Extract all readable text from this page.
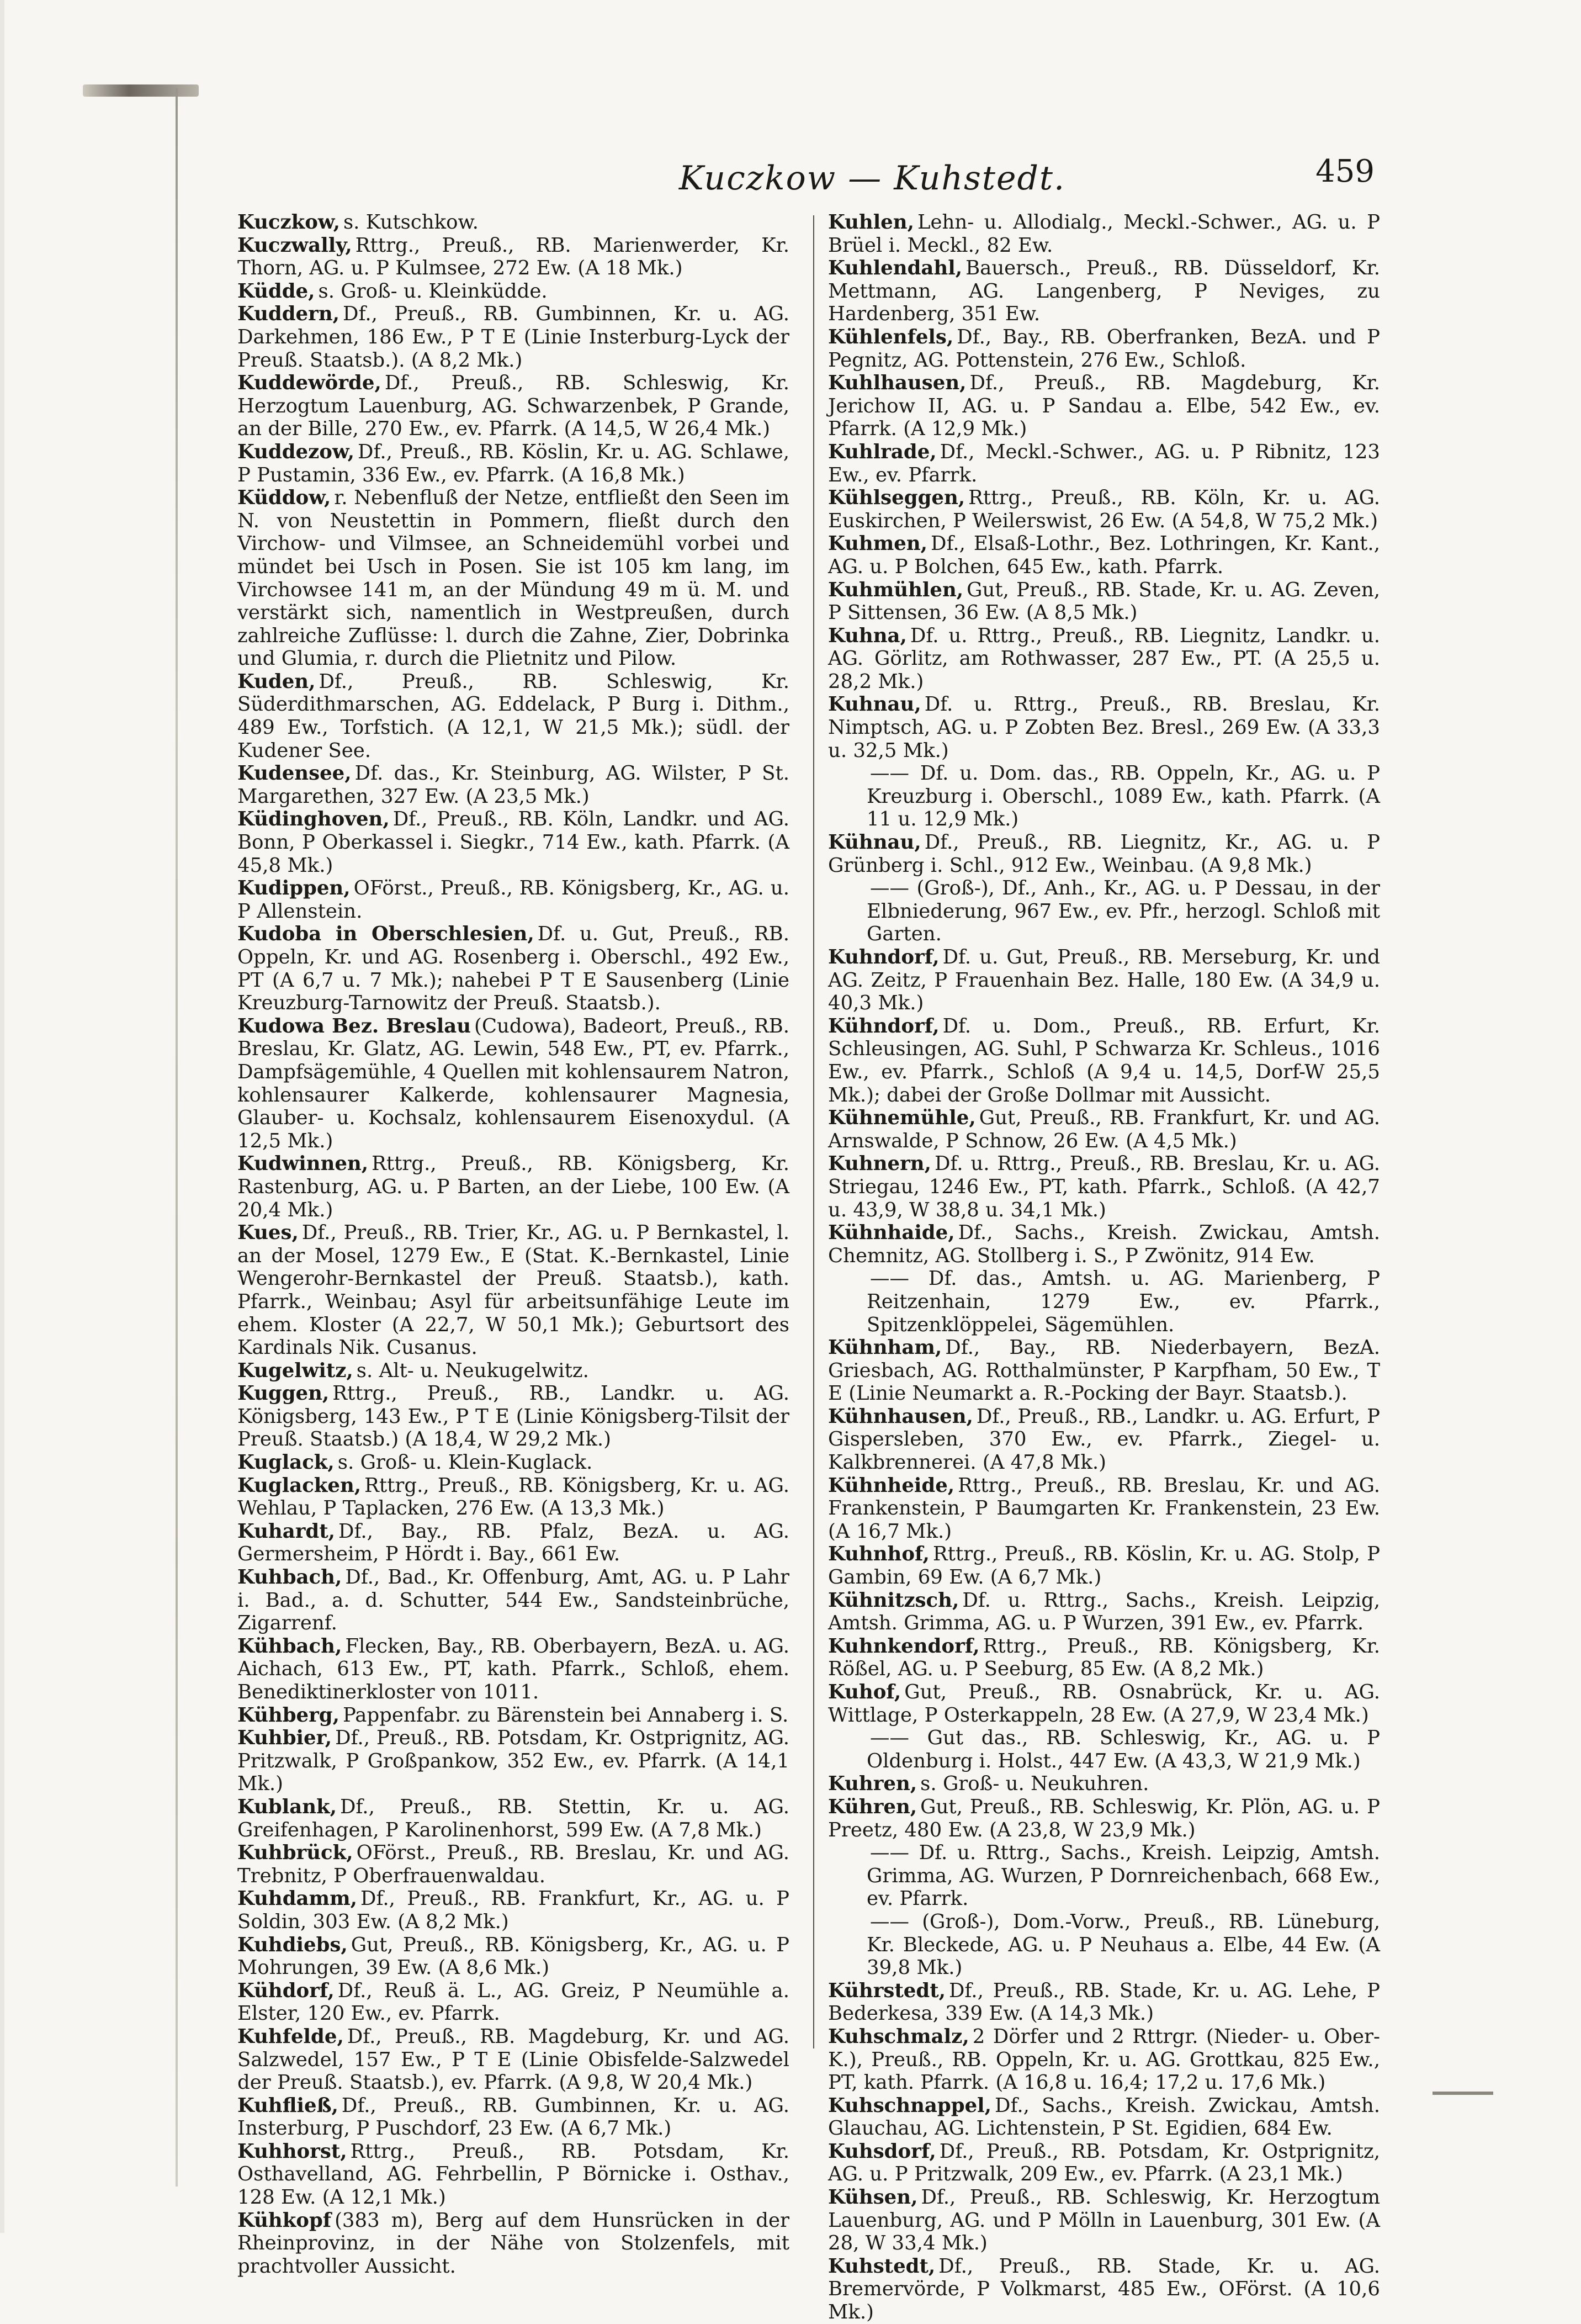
Kuczkow — Kuhstedt.	459

Kuczkow, s. Kutschkow.

Kuczwally, Rttrg., Preuß., RB. Marienwerder, Kr. Thorn, AG. u. P Kulmsee, 272 Ew. (A 18 Mk.)

Küdde, s. Groß- u. Kleinküdde.

Kuddern, Df., Preuß., RB. Gumbinnen, Kr. u. AG. Darkehmen, 186 Ew., P T E (Linie Insterburg-Lyck der Preuß. Staatsb.). (A 8,2 Mk.)

Kuddewörde, Df., Preuß., RB. Schleswig, Kr. Herzogtum Lauenburg, AG. Schwarzenbek, P Grande, an der Bille, 270 Ew., ev. Pfarrk. (A 14,5, W 26,4 Mk.)

Kuddezow, Df., Preuß., RB. Köslin, Kr. u. AG. Schlawe, P Pustamin, 336 Ew., ev. Pfarrk. (A 16,8 Mk.)

Küddow, r. Nebenfluß der Netze, entfließt den Seen im N. von Neustettin in Pommern, fließt durch den Virchow- und Vilmsee, an Schneidemühl vorbei und mündet bei Usch in Posen. Sie ist 105 km lang, im Virchowsee 141 m, an der Mündung 49 m ü. M. und verstärkt sich, namentlich in Westpreußen, durch zahlreiche Zuflüsse: l. durch die Zahne, Zier, Dobrinka und Glumia, r. durch die Plietnitz und Pilow.

Kuden, Df., Preuß., RB. Schleswig, Kr. Süderdithmarschen, AG. Eddelack, P Burg i. Dithm., 489 Ew., Torfstich. (A 12,1, W 21,5 Mk.); südl. der Kudener See.

Kudensee, Df. das., Kr. Steinburg, AG. Wilster, P St. Margarethen, 327 Ew. (A 23,5 Mk.)

Küdinghoven, Df., Preuß., RB. Köln, Landkr. und AG. Bonn, P Oberkassel i. Siegkr., 714 Ew., kath. Pfarrk. (A 45,8 Mk.)

Kudippen, OFörst., Preuß., RB. Königsberg, Kr., AG. u. P Allenstein.

Kudoba in Oberschlesien, Df. u. Gut, Preuß., RB. Oppeln, Kr. und AG. Rosenberg i. Oberschl., 492 Ew., PT (A 6,7 u. 7 Mk.); nahebei P T E Sausenberg (Linie Kreuzburg-Tarnowitz der Preuß. Staatsb.).

Kudowa Bez. Breslau (Cudowa), Badeort, Preuß., RB. Breslau, Kr. Glatz, AG. Lewin, 548 Ew., PT, ev. Pfarrk., Dampfsägemühle, 4 Quellen mit kohlensaurem Natron, kohlensaurer Kalkerde, kohlensaurer Magnesia, Glauber- u. Kochsalz, kohlensaurem Eisenoxydul. (A 12,5 Mk.)

Kudwinnen, Rttrg., Preuß., RB. Königsberg, Kr. Rastenburg, AG. u. P Barten, an der Liebe, 100 Ew. (A 20,4 Mk.)

Kues, Df., Preuß., RB. Trier, Kr., AG. u. P Bernkastel, l. an der Mosel, 1279 Ew., E (Stat. K.-Bernkastel, Linie Wengerohr-Bernkastel der Preuß. Staatsb.), kath. Pfarrk., Weinbau; Asyl für arbeitsunfähige Leute im ehem. Kloster (A 22,7, W 50,1 Mk.); Geburtsort des Kardinals Nik. Cusanus.

Kugelwitz, s. Alt- u. Neukugelwitz.

Kuggen, Rttrg., Preuß., RB., Landkr. u. AG. Königsberg, 143 Ew., P T E (Linie Königsberg-Tilsit der Preuß. Staatsb.) (A 18,4, W 29,2 Mk.)

Kuglack, s. Groß- u. Klein-Kuglack.

Kuglacken, Rttrg., Preuß., RB. Königsberg, Kr. u. AG. Wehlau, P Taplacken, 276 Ew. (A 13,3 Mk.)

Kuhardt, Df., Bay., RB. Pfalz, BezA. u. AG. Germersheim, P Hördt i. Bay., 661 Ew.

Kuhbach, Df., Bad., Kr. Offenburg, Amt, AG. u. P Lahr i. Bad., a. d. Schutter, 544 Ew., Sandsteinbrüche, Zigarrenf.

Kühbach, Flecken, Bay., RB. Oberbayern, BezA. u. AG. Aichach, 613 Ew., PT, kath. Pfarrk., Schloß, ehem. Benediktinerkloster von 1011.

Kühberg, Pappenfabr. zu Bärenstein bei Annaberg i. S.

Kuhbier, Df., Preuß., RB. Potsdam, Kr. Ostprignitz, AG. Pritzwalk, P Großpankow, 352 Ew., ev. Pfarrk. (A 14,1 Mk.)

Kublank, Df., Preuß., RB. Stettin, Kr. u. AG. Greifenhagen, P Karolinenhorst, 599 Ew. (A 7,8 Mk.)

Kuhbrück, OFörst., Preuß., RB. Breslau, Kr. und AG. Trebnitz, P Oberfrauenwaldau.

Kuhdamm, Df., Preuß., RB. Frankfurt, Kr., AG. u. P Soldin, 303 Ew. (A 8,2 Mk.)

Kuhdiebs, Gut, Preuß., RB. Königsberg, Kr., AG. u. P Mohrungen, 39 Ew. (A 8,6 Mk.)

Kühdorf, Df., Reuß ä. L., AG. Greiz, P Neumühle a. Elster, 120 Ew., ev. Pfarrk.

Kuhfelde, Df., Preuß., RB. Magdeburg, Kr. und AG. Salzwedel, 157 Ew., P T E (Linie Obisfelde-Salzwedel der Preuß. Staatsb.), ev. Pfarrk. (A 9,8, W 20,4 Mk.)

Kuhfließ, Df., Preuß., RB. Gumbinnen, Kr. u. AG. Insterburg, P Puschdorf, 23 Ew. (A 6,7 Mk.)

Kuhhorst, Rttrg., Preuß., RB. Potsdam, Kr. Osthavelland, AG. Fehrbellin, P Börnicke i. Osthav., 128 Ew. (A 12,1 Mk.)

Kühkopf (383 m), Berg auf dem Hunsrücken in der Rheinprovinz, in der Nähe von Stolzenfels, mit prachtvoller Aussicht.

Kuhlen, Lehn- u. Allodialg., Meckl.-Schwer., AG. u. P Brüel i. Meckl., 82 Ew.

Kuhlendahl, Bauersch., Preuß., RB. Düsseldorf, Kr. Mettmann, AG. Langenberg, P Neviges, zu Hardenberg, 351 Ew.

Kühlenfels, Df., Bay., RB. Oberfranken, BezA. und P Pegnitz, AG. Pottenstein, 276 Ew., Schloß.

Kuhlhausen, Df., Preuß., RB. Magdeburg, Kr. Jerichow II, AG. u. P Sandau a. Elbe, 542 Ew., ev. Pfarrk. (A 12,9 Mk.)

Kuhlrade, Df., Meckl.-Schwer., AG. u. P Ribnitz, 123 Ew., ev. Pfarrk.

Kühlseggen, Rttrg., Preuß., RB. Köln, Kr. u. AG. Euskirchen, P Weilerswist, 26 Ew. (A 54,8, W 75,2 Mk.)

Kuhmen, Df., Elsaß-Lothr., Bez. Lothringen, Kr. Kant., AG. u. P Bolchen, 645 Ew., kath. Pfarrk.

Kuhmühlen, Gut, Preuß., RB. Stade, Kr. u. AG. Zeven, P Sittensen, 36 Ew. (A 8,5 Mk.)

Kuhna, Df. u. Rttrg., Preuß., RB. Liegnitz, Landkr. u. AG. Görlitz, am Rothwasser, 287 Ew., PT. (A 25,5 u. 28,2 Mk.)

Kuhnau, Df. u. Rttrg., Preuß., RB. Breslau, Kr. Nimptsch, AG. u. P Zobten Bez. Bresl., 269 Ew. (A 33,3 u. 32,5 Mk.)

—— Df. u. Dom. das., RB. Oppeln, Kr., AG. u. P Kreuzburg i. Oberschl., 1089 Ew., kath. Pfarrk. (A 11 u. 12,9 Mk.)

Kühnau, Df., Preuß., RB. Liegnitz, Kr., AG. u. P Grünberg i. Schl., 912 Ew., Weinbau. (A 9,8 Mk.)

—— (Groß-), Df., Anh., Kr., AG. u. P Dessau, in der Elbniederung, 967 Ew., ev. Pfr., herzogl. Schloß mit Garten.

Kuhndorf, Df. u. Gut, Preuß., RB. Merseburg, Kr. und AG. Zeitz, P Frauenhain Bez. Halle, 180 Ew. (A 34,9 u. 40,3 Mk.)

Kühndorf, Df. u. Dom., Preuß., RB. Erfurt, Kr. Schleusingen, AG. Suhl, P Schwarza Kr. Schleus., 1016 Ew., ev. Pfarrk., Schloß (A 9,4 u. 14,5, Dorf-W 25,5 Mk.); dabei der Große Dollmar mit Aussicht.

Kühnemühle, Gut, Preuß., RB. Frankfurt, Kr. und AG. Arnswalde, P Schnow, 26 Ew. (A 4,5 Mk.)

Kuhnern, Df. u. Rttrg., Preuß., RB. Breslau, Kr. u. AG. Striegau, 1246 Ew., PT, kath. Pfarrk., Schloß. (A 42,7 u. 43,9, W 38,8 u. 34,1 Mk.)

Kühnhaide, Df., Sachs., Kreish. Zwickau, Amtsh. Chemnitz, AG. Stollberg i. S., P Zwönitz, 914 Ew.

—— Df. das., Amtsh. u. AG. Marienberg, P Reitzenhain, 1279 Ew., ev. Pfarrk., Spitzenklöppelei, Sägemühlen.

Kühnham, Df., Bay., RB. Niederbayern, BezA. Griesbach, AG. Rotthalmünster, P Karpfham, 50 Ew., T E (Linie Neumarkt a. R.-Pocking der Bayr. Staatsb.).

Kühnhausen, Df., Preuß., RB., Landkr. u. AG. Erfurt, P Gispersleben, 370 Ew., ev. Pfarrk., Ziegel- u. Kalkbrennerei. (A 47,8 Mk.)

Kühnheide, Rttrg., Preuß., RB. Breslau, Kr. und AG. Frankenstein, P Baumgarten Kr. Frankenstein, 23 Ew. (A 16,7 Mk.)

Kuhnhof, Rttrg., Preuß., RB. Köslin, Kr. u. AG. Stolp, P Gambin, 69 Ew. (A 6,7 Mk.)

Kühnitzsch, Df. u. Rttrg., Sachs., Kreish. Leipzig, Amtsh. Grimma, AG. u. P Wurzen, 391 Ew., ev. Pfarrk.

Kuhnkendorf, Rttrg., Preuß., RB. Königsberg, Kr. Rößel, AG. u. P Seeburg, 85 Ew. (A 8,2 Mk.)

Kuhof, Gut, Preuß., RB. Osnabrück, Kr. u. AG. Wittlage, P Osterkappeln, 28 Ew. (A 27,9, W 23,4 Mk.)

—— Gut das., RB. Schleswig, Kr., AG. u. P Oldenburg i. Holst., 447 Ew. (A 43,3, W 21,9 Mk.)

Kuhren, s. Groß- u. Neukuhren.

Kühren, Gut, Preuß., RB. Schleswig, Kr. Plön, AG. u. P Preetz, 480 Ew. (A 23,8, W 23,9 Mk.)

—— Df. u. Rttrg., Sachs., Kreish. Leipzig, Amtsh. Grimma, AG. Wurzen, P Dornreichenbach, 668 Ew., ev. Pfarrk.

—— (Groß-), Dom.-Vorw., Preuß., RB. Lüneburg, Kr. Bleckede, AG. u. P Neuhaus a. Elbe, 44 Ew. (A 39,8 Mk.)

Kührstedt, Df., Preuß., RB. Stade, Kr. u. AG. Lehe, P Bederkesa, 339 Ew. (A 14,3 Mk.)

Kuhschmalz, 2 Dörfer und 2 Rttrgr. (Nieder- u. Ober-K.), Preuß., RB. Oppeln, Kr. u. AG. Grottkau, 825 Ew., PT, kath. Pfarrk. (A 16,8 u. 16,4; 17,2 u. 17,6 Mk.)

Kuhschnappel, Df., Sachs., Kreish. Zwickau, Amtsh. Glauchau, AG. Lichtenstein, P St. Egidien, 684 Ew.

Kuhsdorf, Df., Preuß., RB. Potsdam, Kr. Ostprignitz, AG. u. P Pritzwalk, 209 Ew., ev. Pfarrk. (A 23,1 Mk.)

Kühsen, Df., Preuß., RB. Schleswig, Kr. Herzogtum Lauenburg, AG. und P Mölln in Lauenburg, 301 Ew. (A 28, W 33,4 Mk.)

Kuhstedt, Df., Preuß., RB. Stade, Kr. u. AG. Bremervörde, P Volkmarst, 485 Ew., OFörst. (A 10,6 Mk.)
